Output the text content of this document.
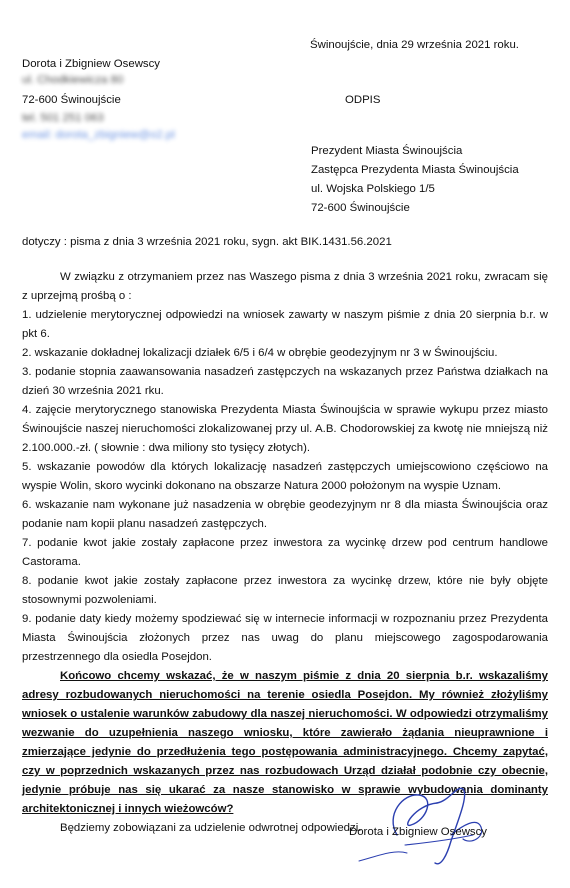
Świnoujście, dnia 29 września 2021 roku.
Dorota i Zbigniew Osewscy
ul. Chodkiewicza 80
72-600 Świnoujście	ODPIS
tel. 501 251 063
email: dorota_zbigniew@o2.pl
Prezydent Miasta Świnoujścia
Zastępca Prezydenta Miasta Świnoujścia
ul. Wojska Polskiego 1/5
72-600 Świnoujście
dotyczy : pisma z dnia 3 września 2021 roku, sygn. akt BIK.1431.56.2021

W związku z otrzymaniem przez nas Waszego pisma z dnia 3 września 2021 roku, zwracam się z uprzejmą prośbą o :

1. udzielenie merytorycznej odpowiedzi na wniosek zawarty w naszym piśmie z dnia 20 sierpnia b.r. w pkt 6.

2. wskazanie dokładnej lokalizacji działek 6/5 i 6/4 w obrębie geodezyjnym nr 3 w Świnoujściu.

3. podanie stopnia zaawansowania nasadzeń zastępczych na wskazanych przez Państwa działkach na dzień 30 września 2021 rku.

4. zajęcie merytorycznego stanowiska Prezydenta Miasta Świnoujścia w sprawie wykupu przez miasto Świnoujście naszej nieruchomości zlokalizowanej przy ul. A.B. Chodorowskiej za kwotę nie mniejszą niż 2.100.000.-zł. ( słownie : dwa miliony sto tysięcy złotych).

5. wskazanie powodów dla których lokalizację nasadzeń zastępczych umiejscowiono częściowo na wyspie Wolin, skoro wycinki dokonano na obszarze Natura 2000 położonym na wyspie Uznam.

6. wskazanie nam wykonane już nasadzenia w obrębie geodezyjnym nr 8 dla miasta Świnoujścia oraz podanie nam kopii planu nasadzeń zastępczych.

7. podanie kwot jakie zostały zapłacone przez inwestora za wycinkę drzew pod centrum handlowe Castorama.

8. podanie kwot jakie zostały zapłacone przez inwestora za wycinkę drzew, które nie były objęte stosownymi pozwoleniami.

9. podanie daty kiedy możemy spodziewać się w internecie informacji w rozpoznaniu przez Prezydenta Miasta Świnoujścia złożonych przez nas uwag do planu miejscowego zagospodarowania przestrzennego dla osiedla Posejdon.

Końcowo chcemy wskazać, że w naszym piśmie z dnia 20 sierpnia b.r. wskazaliśmy adresy rozbudowanych nieruchomości na terenie osiedla Posejdon. My również złożyliśmy wniosek o ustalenie warunków zabudowy dla naszej nieruchomości. W odpowiedzi otrzymaliśmy wezwanie do uzupełnienia naszego wniosku, które zawierało żądania nieuprawnione i zmierzające jedynie do przedłużenia tego postępowania administracyjnego. Chcemy zapytać, czy w poprzednich wskazanych przez nas rozbudowach Urząd działał podobnie czy obecnie, jedynie próbuje nas się ukarać za nasze stanowisko w sprawie wybudowania dominanty architektonicznej i innych wieżowców?

Będziemy zobowiązani za udzielenie odwrotnej odpowiedzi.

Dorota i Zbigniew Osewscy
